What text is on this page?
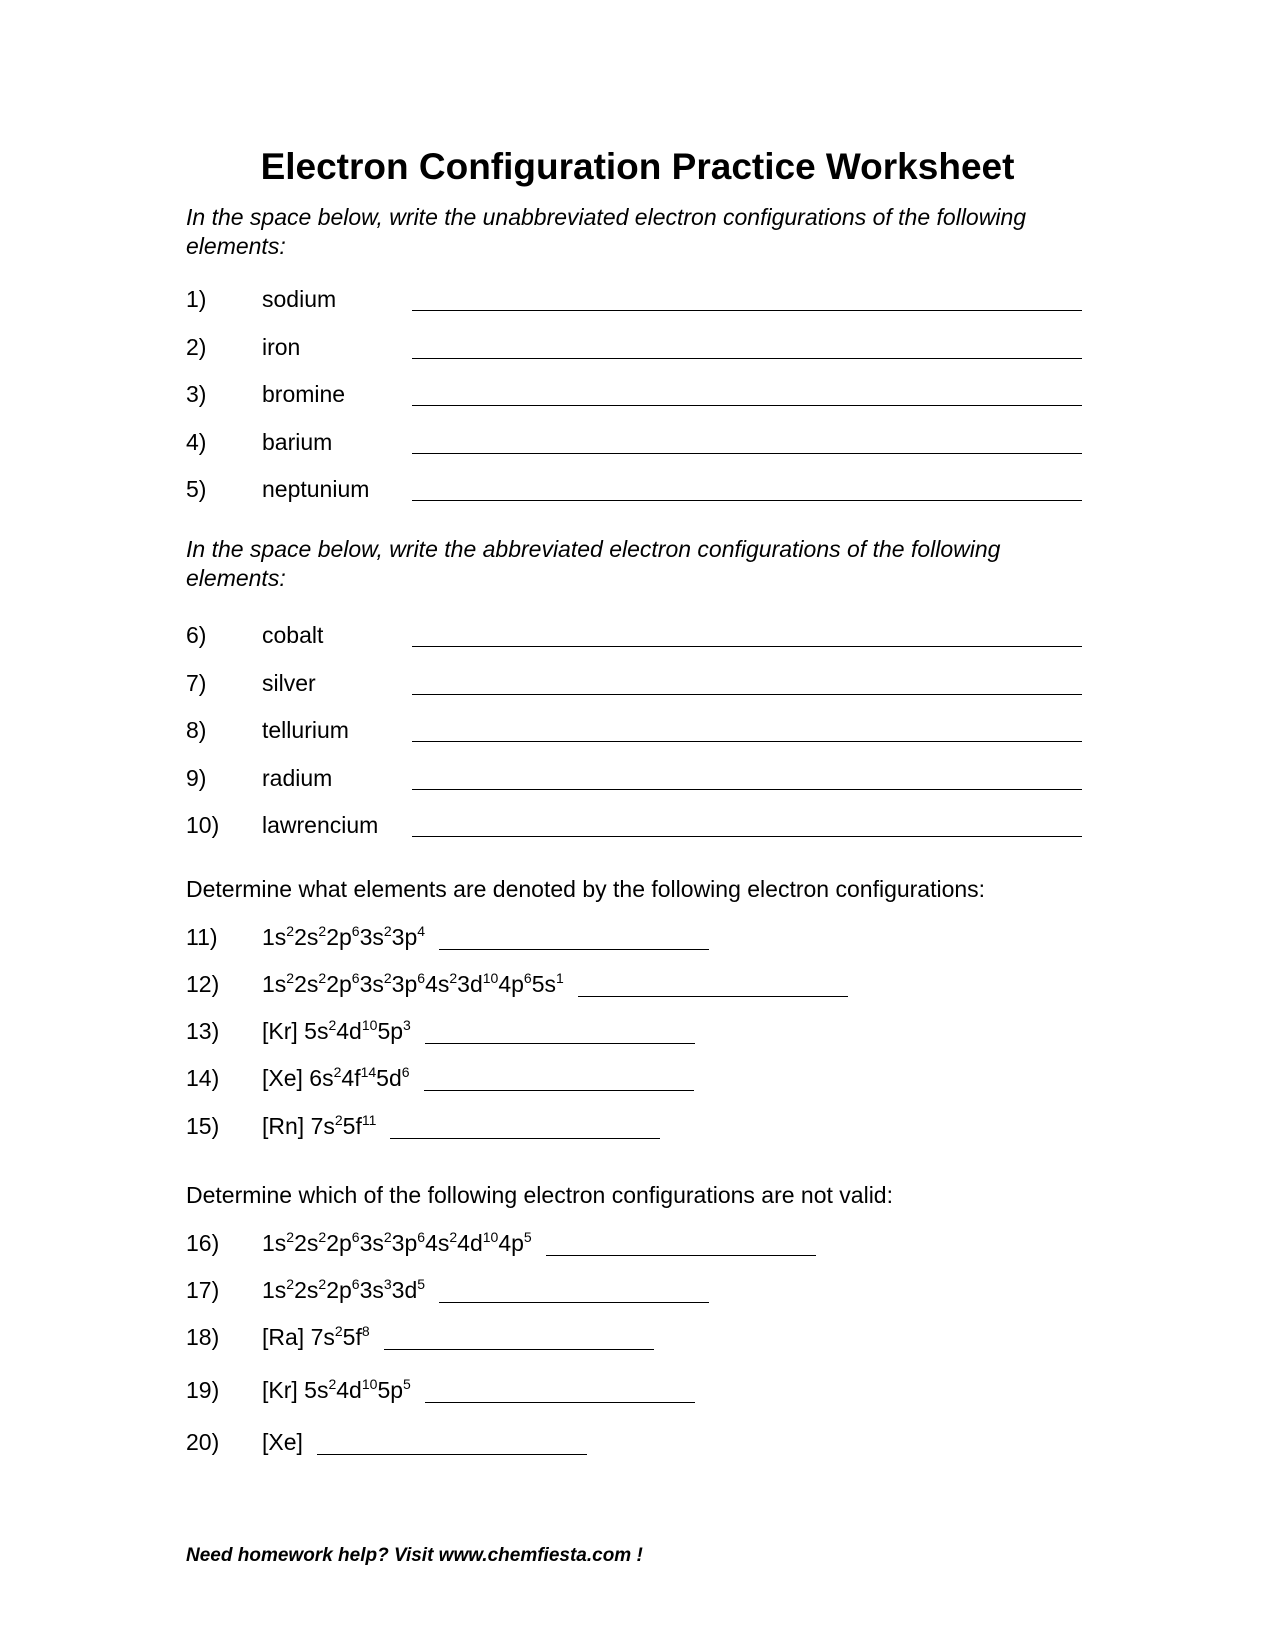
Electron Configuration Practice Worksheet
In the space below, write the unabbreviated electron configurations of the following elements:
1) sodium
2) iron
3) bromine
4) barium
5) neptunium
In the space below, write the abbreviated electron configurations of the following elements:
6) cobalt
7) silver
8) tellurium
9) radium
10) lawrencium
Determine what elements are denoted by the following electron configurations:
11) $1s^22s^22p^63s^23p^4$
12) $1s^22s^22p^63s^23p^64s^23d^{10}4p^65s^1$
13) [Kr] $5s^24d^{10}5p^3$
14) [Xe] $6s^24f^{14}5d^6$
15) [Rn] $7s^25f^{11}$
Determine which of the following electron configurations are not valid:
16) $1s^22s^22p^63s^23p^64s^24d^{10}4p^5$
17) $1s^22s^22p^63s^33d^5$
18) [Ra] $7s^25f^8$
19) [Kr] $5s^24d^{10}5p^5$
20) [Xe]
Need homework help? Visit www.chemfiesta.com !
